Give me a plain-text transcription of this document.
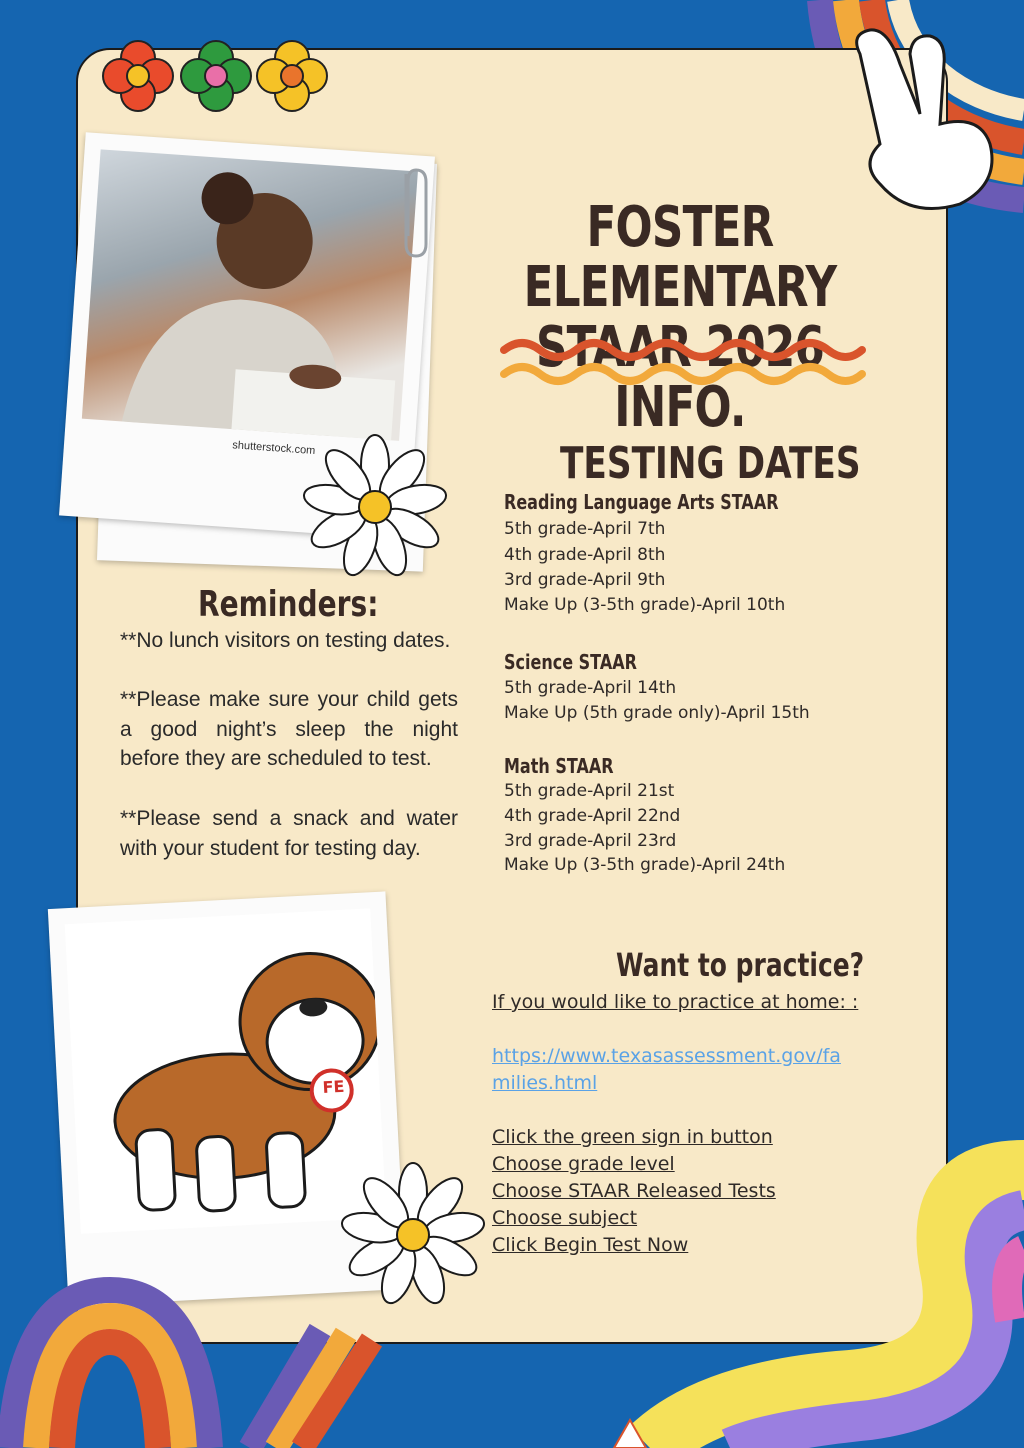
FOSTER ELEMENTARY
STAAR 2026 INFO.
shutterstock.com
Reminders:
**No lunch visitors on testing dates.
**Please make sure your child gets a good night’s sleep the night before they are scheduled to test.
**Please send a snack and water with your student for testing day.
TESTING DATES
Reading Language Arts STAAR
5th grade-April 7th
4th grade-April 8th
3rd grade-April 9th
Make Up (3-5th grade)-April 10th
Science STAAR
5th grade-April 14th
Make Up (5th grade only)-April 15th
Math STAAR
5th grade-April 21st
4th grade-April 22nd
3rd grade-April 23rd
Make Up (3-5th grade)-April 24th
FE
Want to practice?
If you would like to practice at home: :
https://www.texasassessment.gov/fa
milies.html
Click the green sign in button
Choose grade level
Choose STAAR Released Tests
Choose subject
Click Begin Test Now
